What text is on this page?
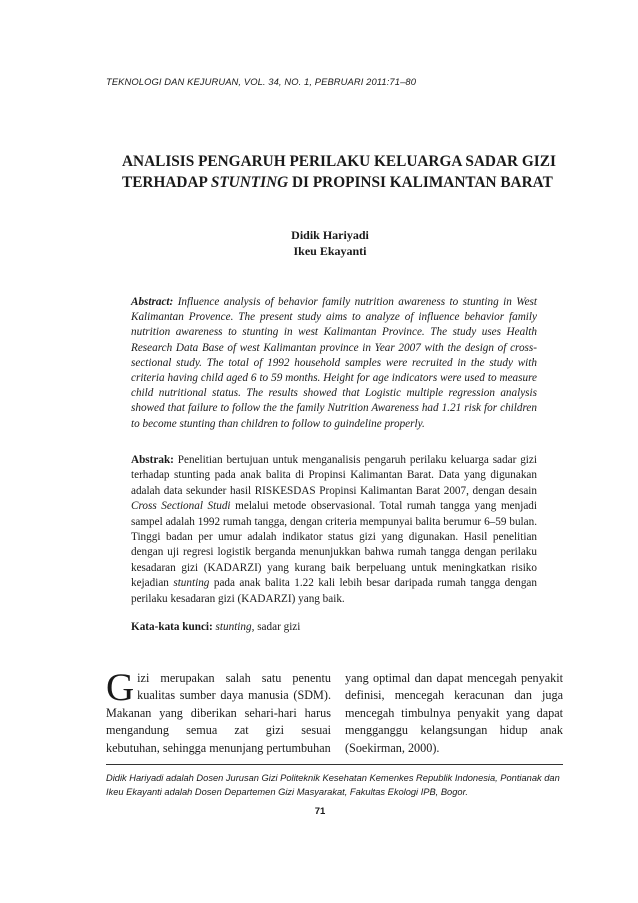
TEKNOLOGI DAN KEJURUAN, VOL. 34, NO. 1, PEBRUARI 2011:71–80
ANALISIS PENGARUH PERILAKU KELUARGA SADAR GIZI
TERHADAP STUNTING DI PROPINSI KALIMANTAN BARAT
Didik Hariyadi
Ikeu Ekayanti
Abstract: Influence analysis of behavior family nutrition awareness to stunting in West Kalimantan Provence. The present study aims to analyze of influence behavior family nutrition awareness to stunting in west Kalimantan Province. The study uses Health Research Data Base of west Kalimantan province in Year 2007 with the design of cross-sectional study. The total of 1992 household samples were recruited in the study with criteria having child aged 6 to 59 months. Height for age indicators were used to measure child nutritional status. The results showed that Logistic multiple regression analysis showed that failure to follow the the family Nutrition Awareness had 1.21 risk for children to become stunting than children to follow to guindeline properly.
Abstrak: Penelitian bertujuan untuk menganalisis pengaruh perilaku keluarga sadar gizi terhadap stunting pada anak balita di Propinsi Kalimantan Barat. Data yang digunakan adalah data sekunder hasil RISKESDAS Propinsi Kalimantan Barat 2007, dengan desain Cross Sectional Studi melalui metode observasional. Total rumah tangga yang menjadi sampel adalah 1992 rumah tangga, dengan criteria mempunyai balita berumur 6–59 bulan. Tinggi badan per umur adalah indikator status gizi yang digunakan. Hasil penelitian dengan uji regresi logistik berganda menunjukkan bahwa rumah tangga dengan perilaku kesadaran gizi (KADARZI) yang kurang baik berpeluang untuk meningkatkan risiko kejadian stunting pada anak balita 1.22 kali lebih besar daripada rumah tangga dengan perilaku kesadaran gizi (KADARZI) yang baik.
Kata-kata kunci: stunting, sadar gizi
Gizi merupakan salah satu penentu kualitas sumber daya manusia (SDM). Makanan yang diberikan sehari-hari harus mengandung semua zat gizi sesuai kebutuhan, sehingga menunjang pertumbuhan
yang optimal dan dapat mencegah penyakit definisi, mencegah keracunan dan juga mencegah timbulnya penyakit yang dapat mengganggu kelangsungan hidup anak (Soekirman, 2000).
Didik Hariyadi adalah Dosen Jurusan Gizi Politeknik Kesehatan Kemenkes Republik Indonesia, Pontianak dan Ikeu Ekayanti adalah Dosen Departemen Gizi Masyarakat, Fakultas Ekologi IPB, Bogor.
71
